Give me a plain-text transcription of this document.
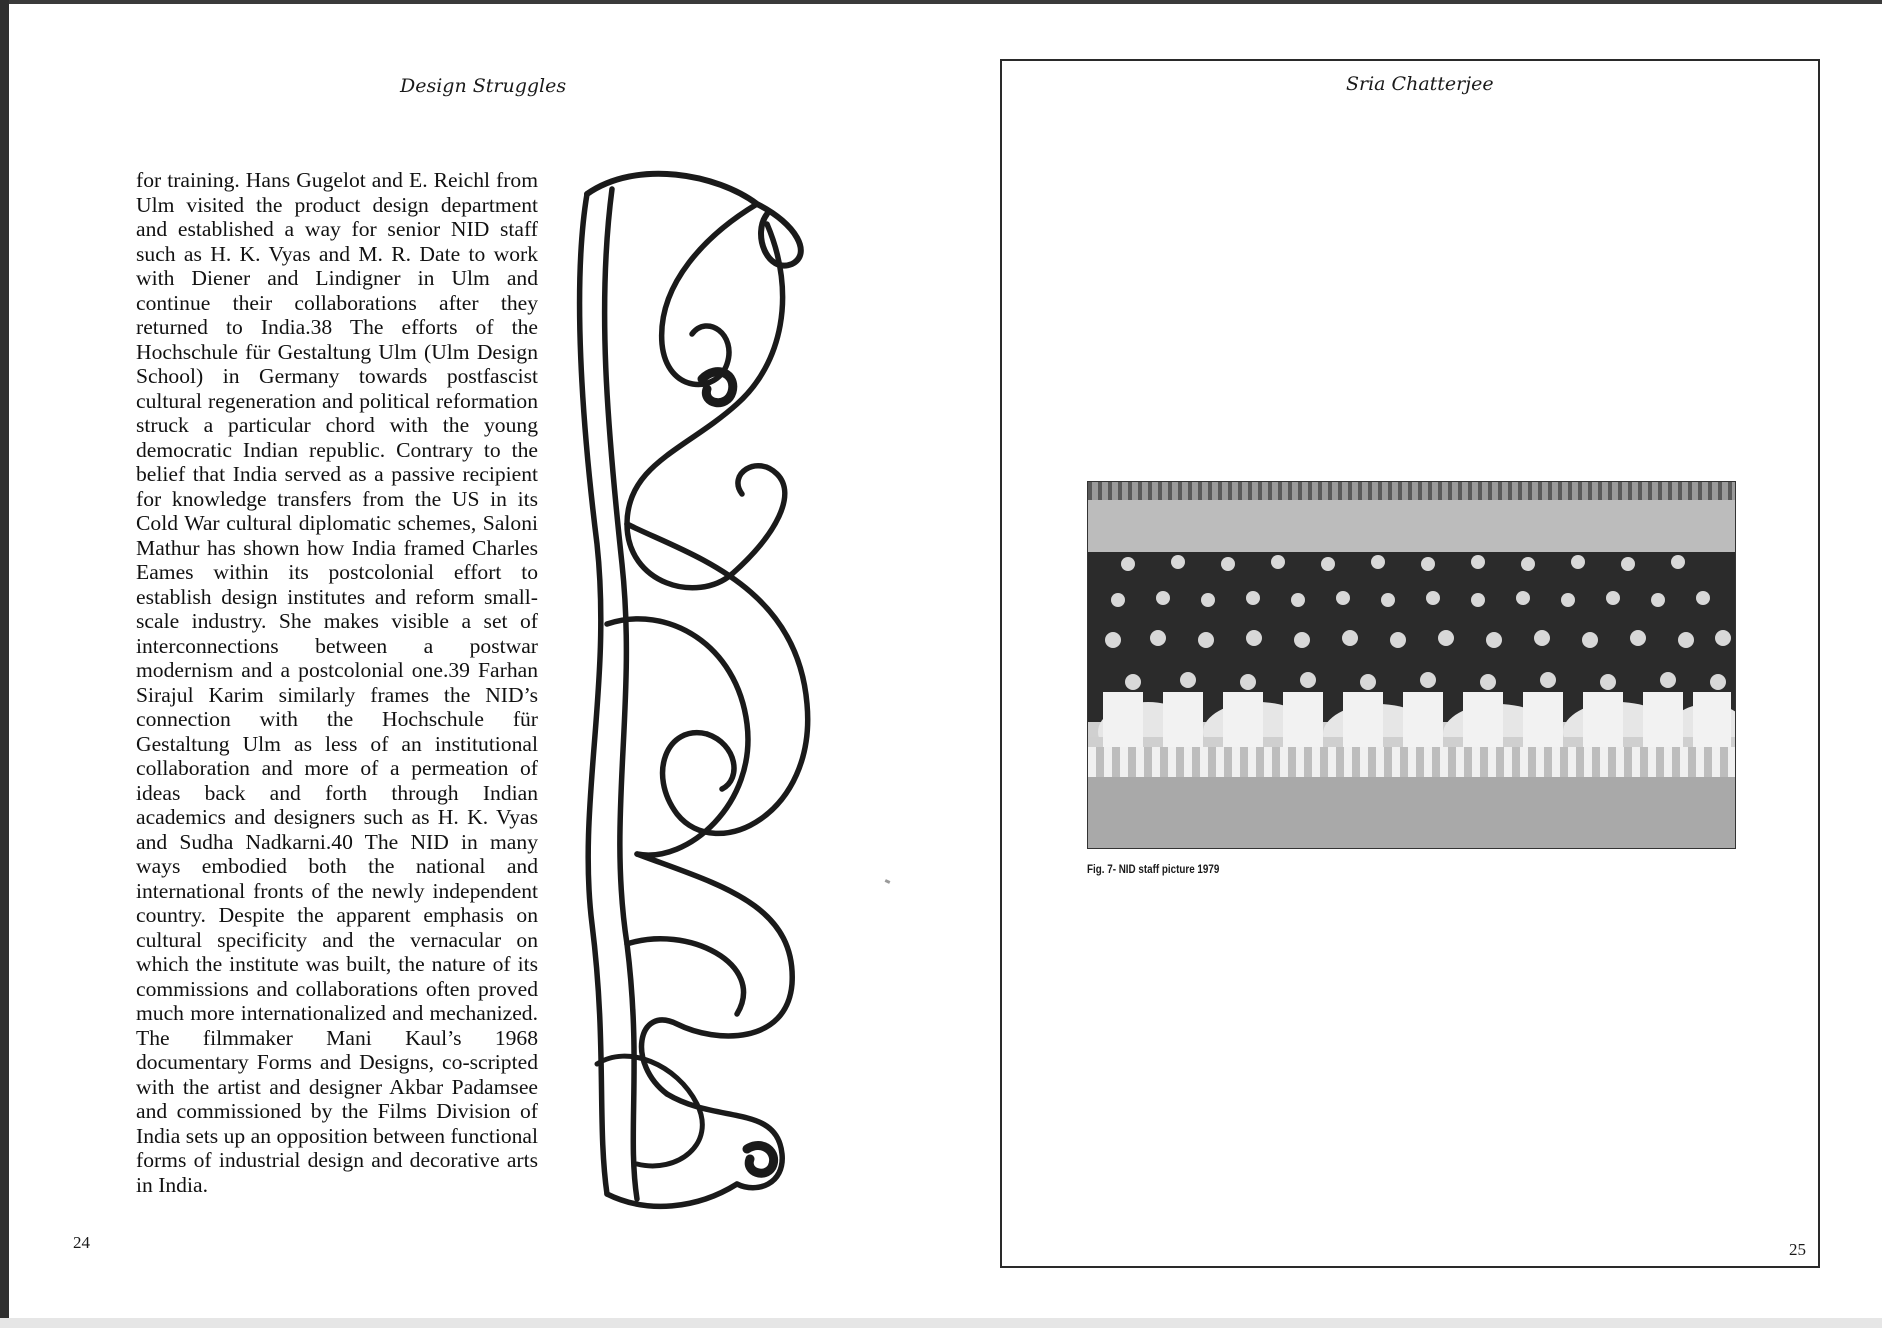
Design Struggles
for training. Hans Gugelot and E. Reichl from Ulm visited the product design department and established a way for senior NID staff such as H. K. Vyas and M. R. Date to work with Diener and Lindigner in Ulm and continue their collaborations after they returned to India.38 The efforts of the Hochschule für Gestaltung Ulm (Ulm Design School) in Germany towards postfascist cultural regeneration and political reformation struck a particular chord with the young democratic Indian republic. Contrary to the belief that India served as a passive recipient for knowledge transfers from the US in its Cold War cultural diplomatic schemes, Saloni Mathur has shown how India framed Charles Eames within its postcolonial effort to establish design institutes and reform small-scale industry. She makes visible a set of interconnections between a postwar modernism and a postcolonial one.39 Farhan Sirajul Karim similarly frames the NID’s connection with the Hochschule für Gestaltung Ulm as less of an institutional collaboration and more of a permeation of ideas back and forth through Indian academics and designers such as H. K. Vyas and Sudha Nadkarni.40 The NID in many ways embodied both the national and international fronts of the newly independent country. Despite the apparent emphasis on cultural specificity and the vernacular on which the institute was built, the nature of its commissions and collaborations often proved much more internationalized and mechanized. The filmmaker Mani Kaul’s 1968 documentary Forms and Designs, co-scripted with the artist and designer Akbar Padamsee and commissioned by the Films Division of India sets up an opposition between functional forms of industrial design and decorative arts in India.
24
Sria Chatterjee
Fig. 7- NID staff picture 1979
25
